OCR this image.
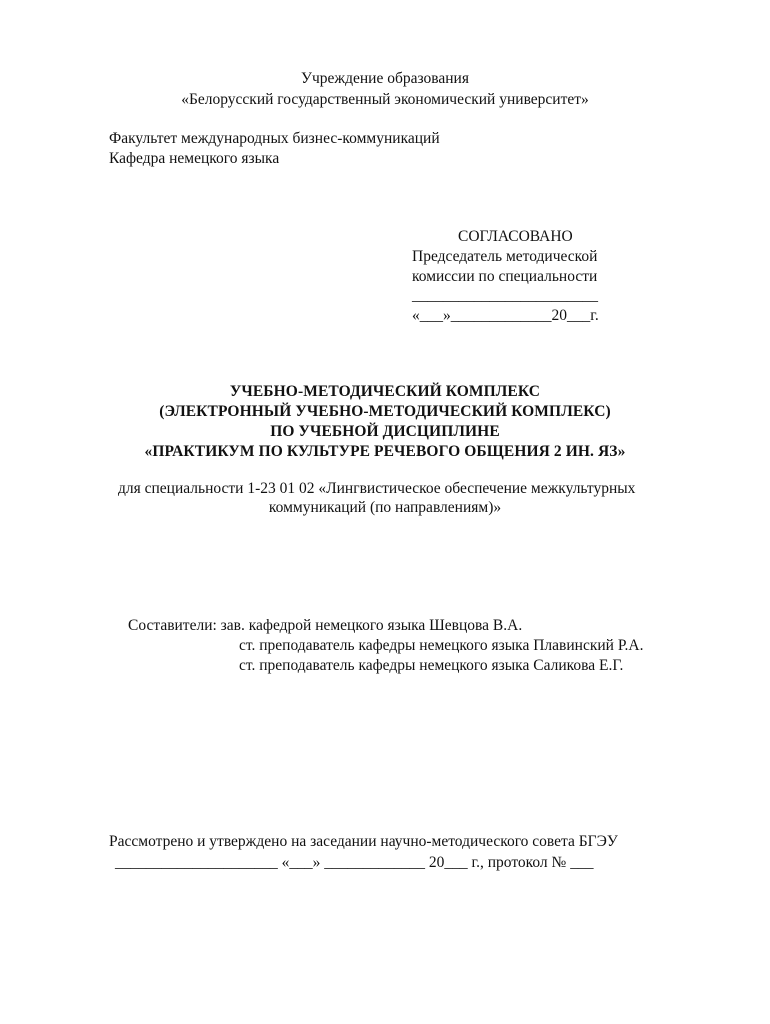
Учреждение образования
«Белорусский государственный экономический университет»
Факультет международных бизнес-коммуникаций
Кафедра немецкого языка
СОГЛАСОВАНО
Председатель методической
комиссии по специальности
________________________
«___»_____________20___г.
УЧЕБНО-МЕТОДИЧЕСКИЙ КОМПЛЕКС
(ЭЛЕКТРОННЫЙ УЧЕБНО-МЕТОДИЧЕСКИЙ КОМПЛЕКС)
ПО УЧЕБНОЙ ДИСЦИПЛИНЕ
«ПРАКТИКУМ ПО КУЛЬТУРЕ РЕЧЕВОГО ОБЩЕНИЯ 2 ИН. ЯЗ»
для специальности 1-23 01 02 «Лингвистическое обеспечение межкультурных
коммуникаций (по направлениям)»
Составители: зав. кафедрой немецкого языка Шевцова В.А.
ст. преподаватель кафедры немецкого языка Плавинский Р.А.
ст. преподаватель кафедры немецкого языка Саликова Е.Г.
Рассмотрено и утверждено на заседании научно-методического совета БГЭУ
_____________________ «___» _____________ 20___ г., протокол № ___
